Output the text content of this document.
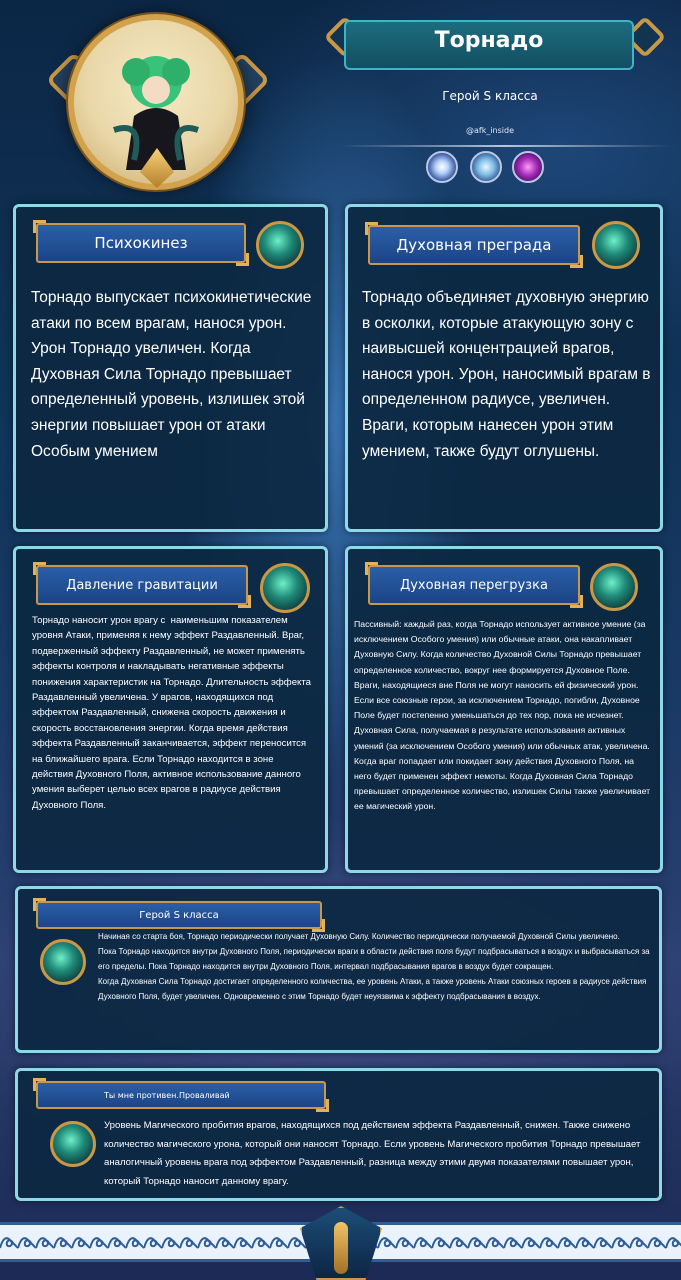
Торнадо
Герой S класса
@afk_inside
Психокинез
Торнадо выпускает психокинетические атаки по всем врагам, нанося урон. Урон Торнадо увеличен. Когда Духовная Сила Торнадо превышает определенный уровень, излишек этой энергии повышает урон от атаки Особым умением
Духовная преграда
Торнадо объединяет духовную энергию в осколки, которые атакующую зону с наивысшей концентрацией врагов, нанося урон. Урон, наносимый врагам в определенном радиусе, увеличен. Враги, которым нанесен урон этим умением, также будут оглушены.
Давление гравитации
Торнадо наносит урон врагу с  наименьшим показателем уровня Атаки, применяя к нему эффект Раздавленный. Враг, подверженный эффекту Раздавленный, не может применять эффекты контроля и накладывать негативные эффекты понижения характеристик на Торнадо. Длительность эффекта Раздавленный увеличена. У врагов, находящихся под эффектом Раздавленный, снижена скорость движения и скорость восстановления энергии. Когда время действия эффекта Раздавленный заканчивается, эффект переносится на ближайшего врага. Если Торнадо находится в зоне действия Духовного Поля, активное использование данного умения выберет целью всех врагов в радиусе действия Духовного Поля.
Духовная перегрузка
Пассивный: каждый раз, когда Торнадо использует активное умение (за исключением Особого умения) или обычные атаки, она накапливает Духовную Силу. Когда количество Духовной Силы Торнадо превышает определенное количество, вокруг нее формируется Духовное Поле. Враги, находящиеся вне Поля не могут наносить ей физический урон. Если все союзные герои, за исключением Торнадо, погибли, Духовное Поле будет постепенно уменьшаться до тех пор, пока не исчезнет.
Духовная Сила, получаемая в результате использования активных умений (за исключением Особого умения) или обычных атак, увеличена. Когда враг попадает или покидает зону действия Духовного Поля, на него будет применен эффект немоты. Когда Духовная Сила Торнадо превышает определенное количество, излишек Силы также увеличивает ее магический урон.
Герой S класса
Начиная со старта боя, Торнадо периодически получает Духовную Силу. Количество периодически получаемой Духовной Силы увеличено.
Пока Торнадо находится внутри Духовного Поля, периодически враги в области действия поля будут подбрасываться в воздух и выбрасываться за его пределы. Пока Торнадо находится внутри Духовного Поля, интервал подбрасывания врагов в воздух будет сокращен.
Когда Духовная Сила Торнадо достигает определенного количества, ее уровень Атаки, а также уровень Атаки союзных героев в радиусе действия Духовного Поля, будет увеличен. Одновременно с этим Торнадо будет неуязвима к эффекту подбрасывания в воздух.
Ты мне противен.Проваливай
Уровень Магического пробития врагов, находящихся под действием эффекта Раздавленный, снижен. Также снижено количество магического урона, который они наносят Торнадо. Если уровень Магического пробития Торнадо превышает аналогичный уровень врага под эффектом Раздавленный, разница между этими двумя показателями повышает урон, который Торнадо наносит данному врагу.
